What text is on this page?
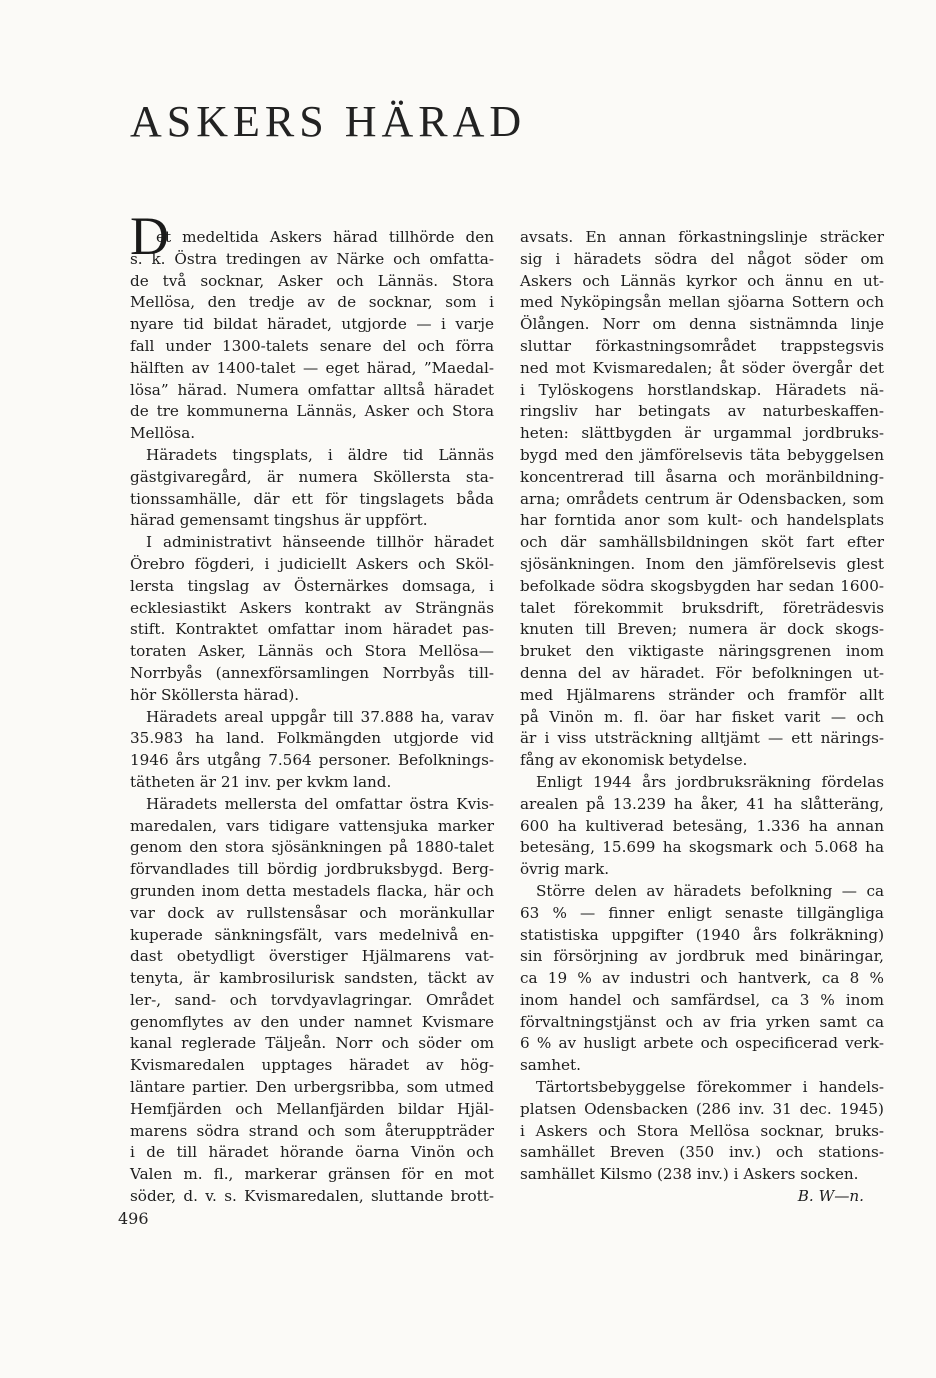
ASKERS HÄRAD
D
et medeltida Askers härad tillhörde den
s. k. Östra tredingen av Närke och omfatta-
de två socknar, Asker och Lännäs. Stora
Mellösa, den tredje av de socknar, som i
nyare tid bildat häradet, utgjorde — i varje
fall under 1300-talets senare del och förra
hälften av 1400-talet — eget härad, ”Maedal-
lösa” härad. Numera omfattar alltså häradet
de tre kommunerna Lännäs, Asker och Stora
Mellösa.
Häradets tingsplats, i äldre tid Lännäs
gästgivaregård, är numera Sköllersta sta-
tionssamhälle, där ett för tingslagets båda
härad gemensamt tingshus är uppfört.
I administrativt hänseende tillhör häradet
Örebro fögderi, i judiciellt Askers och Sköl-
lersta tingslag av Östernärkes domsaga, i
ecklesiastikt Askers kontrakt av Strängnäs
stift. Kontraktet omfattar inom häradet pas-
toraten Asker, Lännäs och Stora Mellösa—
Norrbyås (annexförsamlingen Norrbyås till-
hör Sköllersta härad).
Häradets areal uppgår till 37.888 ha, varav
35.983 ha land. Folkmängden utgjorde vid
1946 års utgång 7.564 personer. Befolknings-
tätheten är 21 inv. per kvkm land.
Häradets mellersta del omfattar östra Kvis-
maredalen, vars tidigare vattensjuka marker
genom den stora sjösänkningen på 1880-talet
förvandlades till bördig jordbruksbygd. Berg-
grunden inom detta mestadels flacka, här och
var dock av rullstensåsar och moränkullar
kuperade sänkningsfält, vars medelnivå en-
dast obetydligt överstiger Hjälmarens vat-
tenyta, är kambrosilurisk sandsten, täckt av
ler-, sand- och torvdyavlagringar. Området
genomflytes av den under namnet Kvismare
kanal reglerade Täljeån. Norr och söder om
Kvismaredalen upptages häradet av hög-
läntare partier. Den urbergsribba, som utmed
Hemfjärden och Mellanfjärden bildar Hjäl-
marens södra strand och som återuppträder
i de till häradet hörande öarna Vinön och
Valen m. fl., markerar gränsen för en mot
söder, d. v. s. Kvismaredalen, sluttande brott-
avsats. En annan förkastningslinje sträcker
sig i häradets södra del något söder om
Askers och Lännäs kyrkor och ännu en ut-
med Nyköpingsån mellan sjöarna Sottern och
Ölången. Norr om denna sistnämnda linje
sluttar förkastningsområdet trappstegsvis
ned mot Kvismaredalen; åt söder övergår det
i Tylöskogens horstlandskap. Häradets nä-
ringsliv har betingats av naturbeskaffen-
heten: slättbygden är urgammal jordbruks-
bygd med den jämförelsevis täta bebyggelsen
koncentrerad till åsarna och moränbildning-
arna; områdets centrum är Odensbacken, som
har forntida anor som kult- och handelsplats
och där samhällsbildningen sköt fart efter
sjösänkningen. Inom den jämförelsevis glest
befolkade södra skogsbygden har sedan 1600-
talet förekommit bruksdrift, företrädesvis
knuten till Breven; numera är dock skogs-
bruket den viktigaste näringsgrenen inom
denna del av häradet. För befolkningen ut-
med Hjälmarens stränder och framför allt
på Vinön m. fl. öar har fisket varit — och
är i viss utsträckning alltjämt — ett närings-
fång av ekonomisk betydelse.
Enligt 1944 års jordbruksräkning fördelas
arealen på 13.239 ha åker, 41 ha slåtteräng,
600 ha kultiverad betesäng, 1.336 ha annan
betesäng, 15.699 ha skogsmark och 5.068 ha
övrig mark.
Större delen av häradets befolkning — ca
63 % — finner enligt senaste tillgängliga
statistiska uppgifter (1940 års folkräkning)
sin försörjning av jordbruk med binäringar,
ca 19 % av industri och hantverk, ca 8 %
inom handel och samfärdsel, ca 3 % inom
förvaltningstjänst och av fria yrken samt ca
6 % av husligt arbete och ospecificerad verk-
samhet.
Tärtortsbebyggelse förekommer i handels-
platsen Odensbacken (286 inv. 31 dec. 1945)
i Askers och Stora Mellösa socknar, bruks-
samhället Breven (350 inv.) och stations-
samhället Kilsmo (238 inv.) i Askers socken.
B. W—n.
496
